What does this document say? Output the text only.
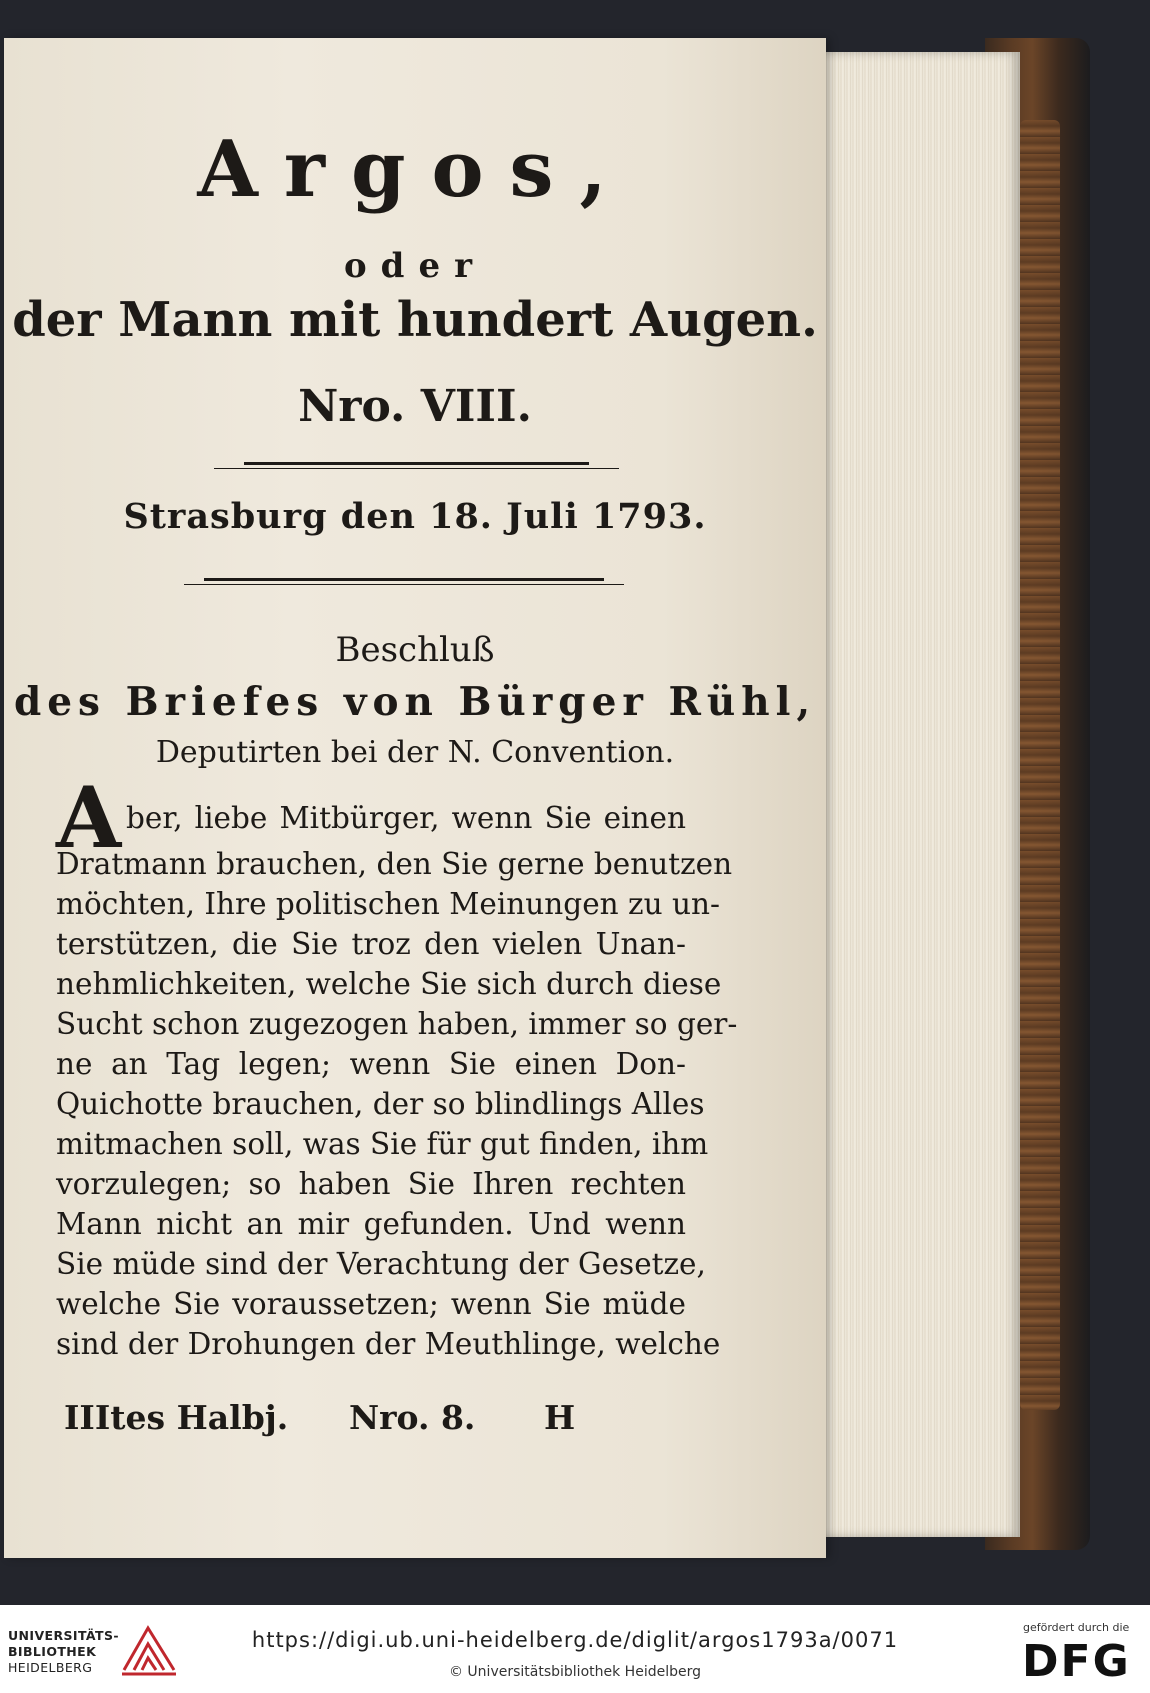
Argos,
oder
der Mann mit hundert Augen.
Nro. VIII.
Strasburg den 18. Juli 1793.
Beschluß
des Briefes von Bürger Rühl,
Deputirten bei der N. Convention.
A ber, liebe Mitbürger, wenn Sie einen
Dratmann brauchen, den Sie gerne benutzen
möchten, Ihre politischen Meinungen zu un-
terstützen, die Sie troz den vielen Unan-
nehmlichkeiten, welche Sie sich durch diese
Sucht schon zugezogen haben, immer so ger-
ne an Tag legen; wenn Sie einen Don-
Quichotte brauchen, der so blindlings Alles
mitmachen soll, was Sie für gut finden, ihm
vorzulegen; so haben Sie Ihren rechten
Mann nicht an mir gefunden. Und wenn
Sie müde sind der Verachtung der Gesetze,
welche Sie voraussetzen; wenn Sie müde
sind der Drohungen der Meuthlinge, welche
IIItes Halbj. Nro. 8. H
UNIVERSITÄTS-
BIBLIOTHEK
HEIDELBERG
https://digi.ub.uni-heidelberg.de/diglit/argos1793a/0071
© Universitätsbibliothek Heidelberg
gefördert durch die
DFG
